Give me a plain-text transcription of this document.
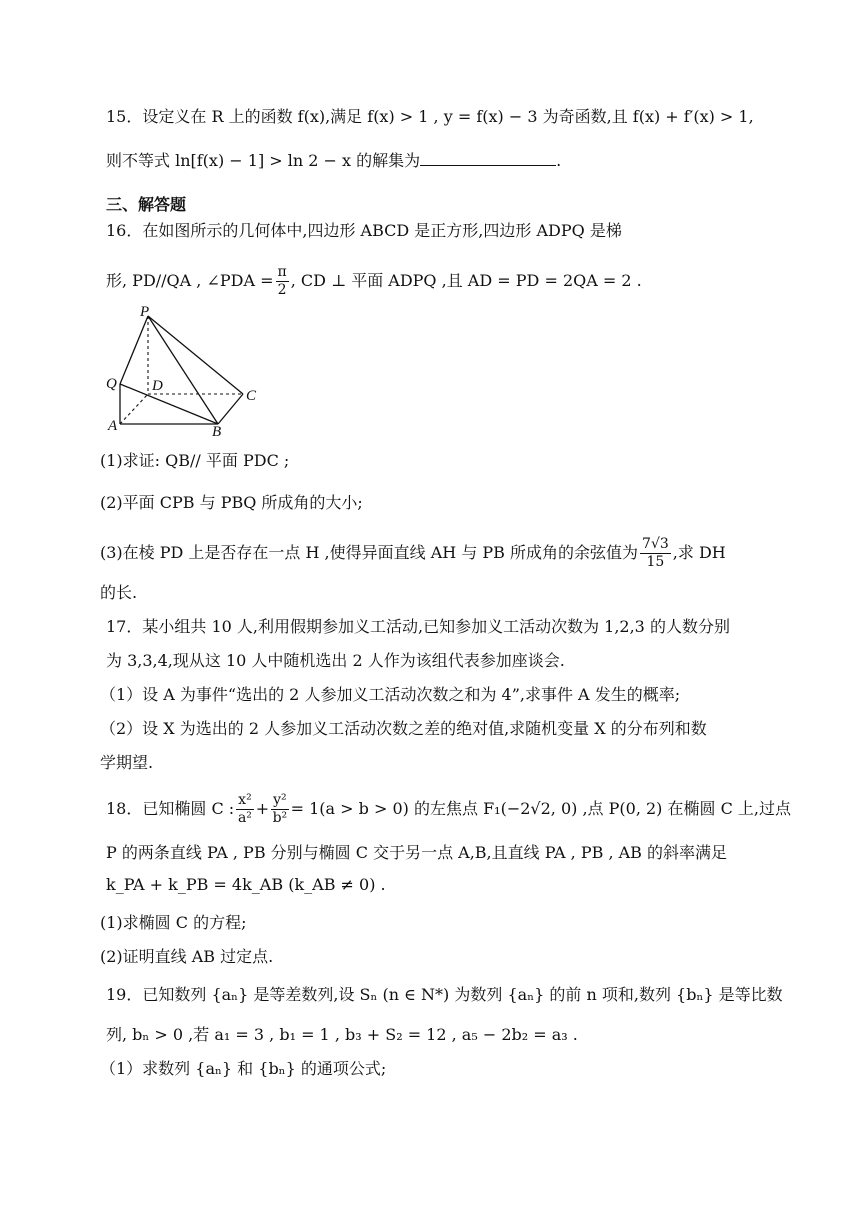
15．设定义在 R 上的函数 f(x),满足 f(x) > 1 , y = f(x) − 3 为奇函数,且 f(x) + f′(x) > 1,
则不等式 ln[f(x) − 1] > ln 2 − x 的解集为	.
三、解答题
16．在如图所示的几何体中,四边形 ABCD 是正方形,四边形 ADPQ 是梯
形, PD//QA , ∠PDA = $\frac{\pi}{2}$ , CD ⊥ 平面 ADPQ ,且 AD = PD = 2QA = 2 .
P
Q D
C
A	B
(1)求证: QB// 平面 PDC ;
(2)平面 CPB 与 PBQ 所成角的大小;
(3)在棱 PD 上是否存在一点 H ,使得异面直线 AH 与 PB 所成角的余弦值为 $\frac{7√3}{15}$ ,求 DH
的长.
17．某小组共 10 人,利用假期参加义工活动,已知参加义工活动次数为 1,2,3 的人数分别
为 3,3,4,现从这 10 人中随机选出 2 人作为该组代表参加座谈会.
（1）设 A 为事件“选出的 2 人参加义工活动次数之和为 4”,求事件 A 发生的概率;
（2）设 X 为选出的 2 人参加义工活动次数之差的绝对值,求随机变量 X 的分布列和数
学期望.
18．已知椭圆 C : $\frac{\text{x²}}{\text{a²}} + \frac{\text{y²}}{\text{b²}} = 1(a > b > 0)$ 的左焦点 F₁(−2√2, 0) ,点 P(0, 2) 在椭圆 C 上,过点
P 的两条直线 PA , PB 分别与椭圆 C 交于另一点 A,B,且直线 PA , PB , AB 的斜率满足
k_PA + k_PB = 4k_AB (k_AB ≠ 0) .
(1)求椭圆 C 的方程;
(2)证明直线 AB 过定点.
19．已知数列 {aₙ} 是等差数列,设 Sₙ (n ∈ N*) 为数列 {aₙ} 的前 n 项和,数列 {bₙ} 是等比数
列, bₙ > 0 ,若 a₁ = 3 , b₁ = 1 , b₃ + S₂ = 12 , a₅ − 2b₂ = a₃ .
（1）求数列 {aₙ} 和 {bₙ} 的通项公式;
